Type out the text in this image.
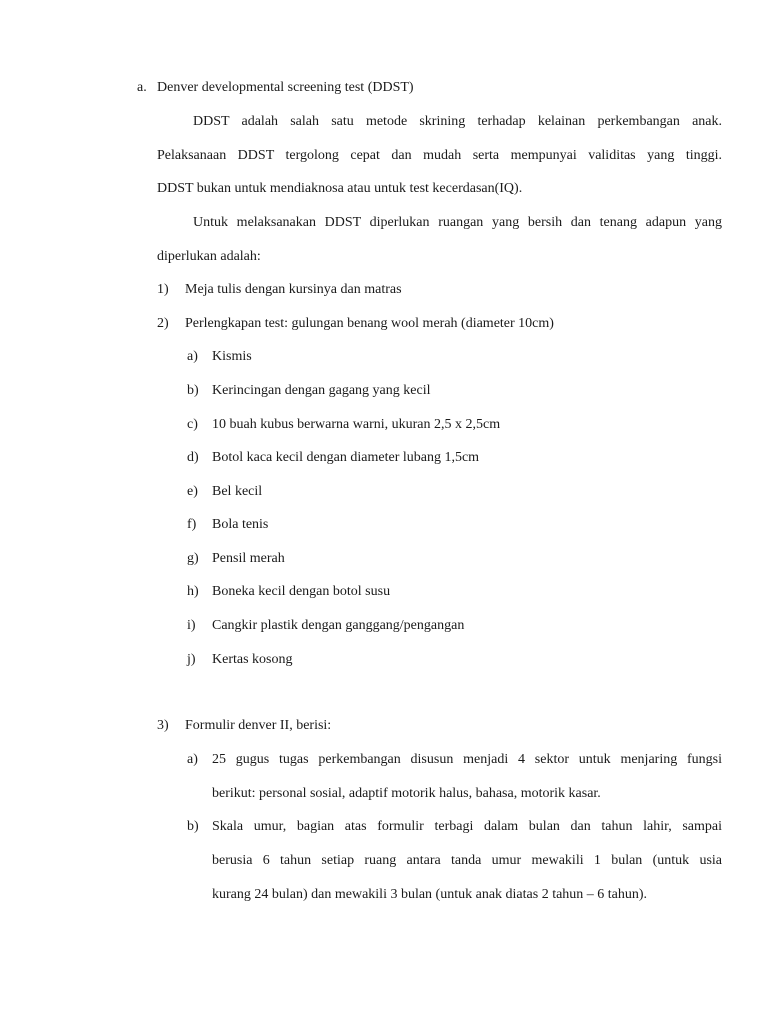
a. Denver developmental screening test (DDST)
DDST adalah salah satu metode skrining terhadap kelainan perkembangan anak.
Pelaksanaan DDST tergolong cepat dan mudah serta mempunyai validitas yang tinggi.
DDST bukan untuk mendiaknosa atau untuk test kecerdasan(IQ).
Untuk melaksanakan DDST diperlukan ruangan yang bersih dan tenang adapun yang
diperlukan adalah:
1) Meja tulis dengan kursinya dan matras
2) Perlengkapan test: gulungan benang wool merah (diameter 10cm)
a) Kismis
b) Kerincingan dengan gagang yang kecil
c) 10 buah kubus berwarna warni, ukuran 2,5 x 2,5cm
d) Botol kaca kecil dengan diameter lubang 1,5cm
e) Bel kecil
f) Bola tenis
g) Pensil merah
h) Boneka kecil dengan botol susu
i) Cangkir plastik dengan ganggang/pengangan
j) Kertas kosong
3) Formulir denver II, berisi:
a) 25 gugus tugas perkembangan disusun menjadi 4 sektor untuk menjaring fungsi
berikut: personal sosial, adaptif motorik halus, bahasa, motorik kasar.
b) Skala umur, bagian atas formulir terbagi dalam bulan dan tahun lahir, sampai
berusia 6 tahun setiap ruang antara tanda umur mewakili 1 bulan (untuk usia
kurang 24 bulan) dan mewakili 3 bulan (untuk anak diatas 2 tahun – 6 tahun).
